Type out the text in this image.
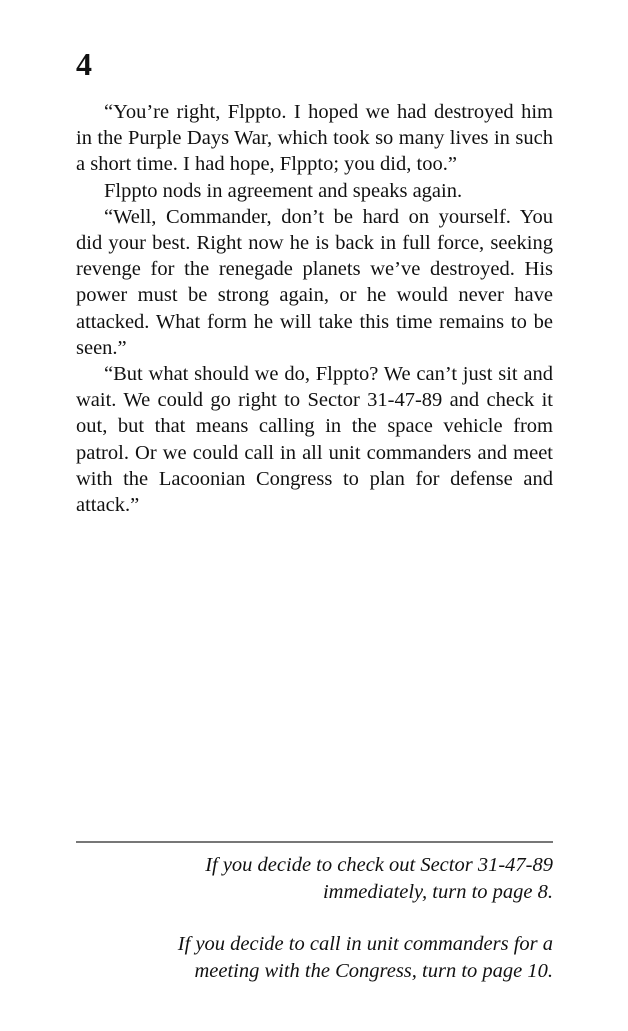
4

“You’re right, Flppto. I hoped we had destroyed him in the Purple Days War, which took so many lives in such a short time. I had hope, Flppto; you did, too.”

Flppto nods in agreement and speaks again.

“Well, Commander, don’t be hard on yourself. You did your best. Right now he is back in full force, seeking revenge for the renegade planets we’ve destroyed. His power must be strong again, or he would never have attacked. What form he will take this time remains to be seen.”

“But what should we do, Flppto? We can’t just sit and wait. We could go right to Sector 31-47-89 and check it out, but that means calling in the space vehicle from patrol. Or we could call in all unit commanders and meet with the Lacoonian Congress to plan for defense and attack.”

If you decide to check out Sector 31-47-89
immediately, turn to page 8.

If you decide to call in unit commanders for a
meeting with the Congress, turn to page 10.
